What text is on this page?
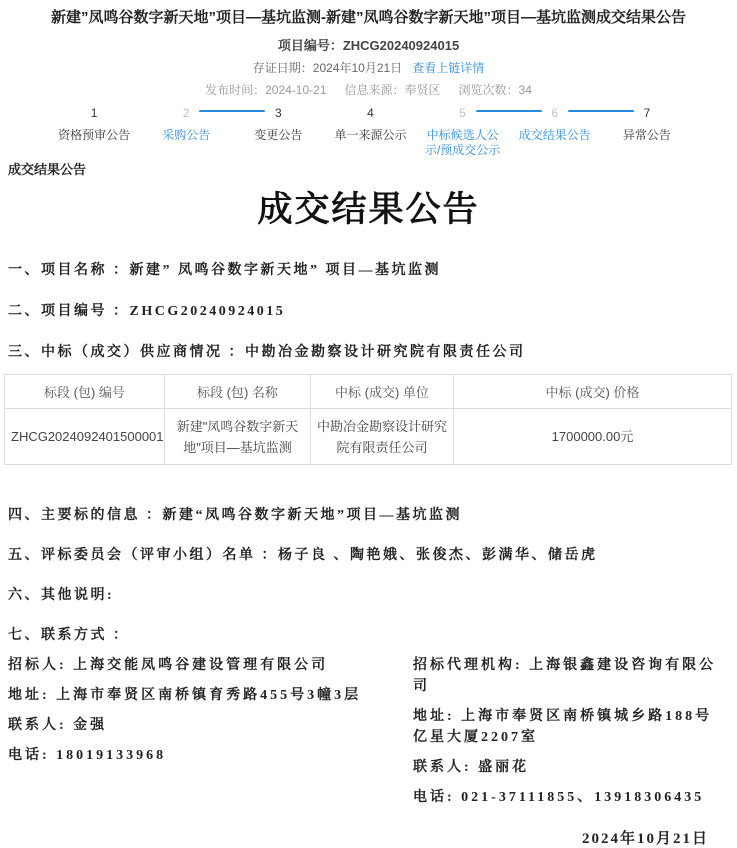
新建”凤鸣谷数字新天地”项目—基坑监测-新建”凤鸣谷数字新天地”项目—基坑监测成交结果公告
项目编号：ZHCG20240924015
存证日期：2024年10月21日 查看上链详情
发布时间：2024-10-21 信息来源：奉贤区 浏览次数：34
1
资格预审公告
2
采购公告
3
变更公告
4
单一来源公示
5
中标候选人公示/预成交公示
6
成交结果公告
7
异常公告
成交结果公告
成交结果公告
一、项目名称 ：新建” 凤鸣谷数字新天地” 项目—基坑监测
二、项目编号 ：ZHCG20240924015
三、中标（成交）供应商情况 ：中勘冶金勘察设计研究院有限责任公司
标段 (包) 编号	标段 (包) 名称	中标 (成交) 单位	中标 (成交) 价格
ZHCG2024092401500001	新建"凤鸣谷数字新天地"项目—基坑监测	中勘冶金勘察设计研究院有限责任公司	1700000.00元
四、主要标的信息 ：新建“凤鸣谷数字新天地”项目—基坑监测
五、评标委员会（评审小组）名单 ：杨子良 、陶艳娥、张俊杰、彭满华、储岳虎
六、其他说明:
七、联系方式 ：
招标人: 上海交能凤鸣谷建设管理有限公司
地址: 上海市奉贤区南桥镇育秀路455号3幢3层
联系人: 金强
电话: 18019133968
招标代理机构: 上海银鑫建设咨询有限公司
地址: 上海市奉贤区南桥镇城乡路188号亿星大厦2207室
联系人: 盛丽花
电话: 021-37111855、13918306435
2024年10月21日
